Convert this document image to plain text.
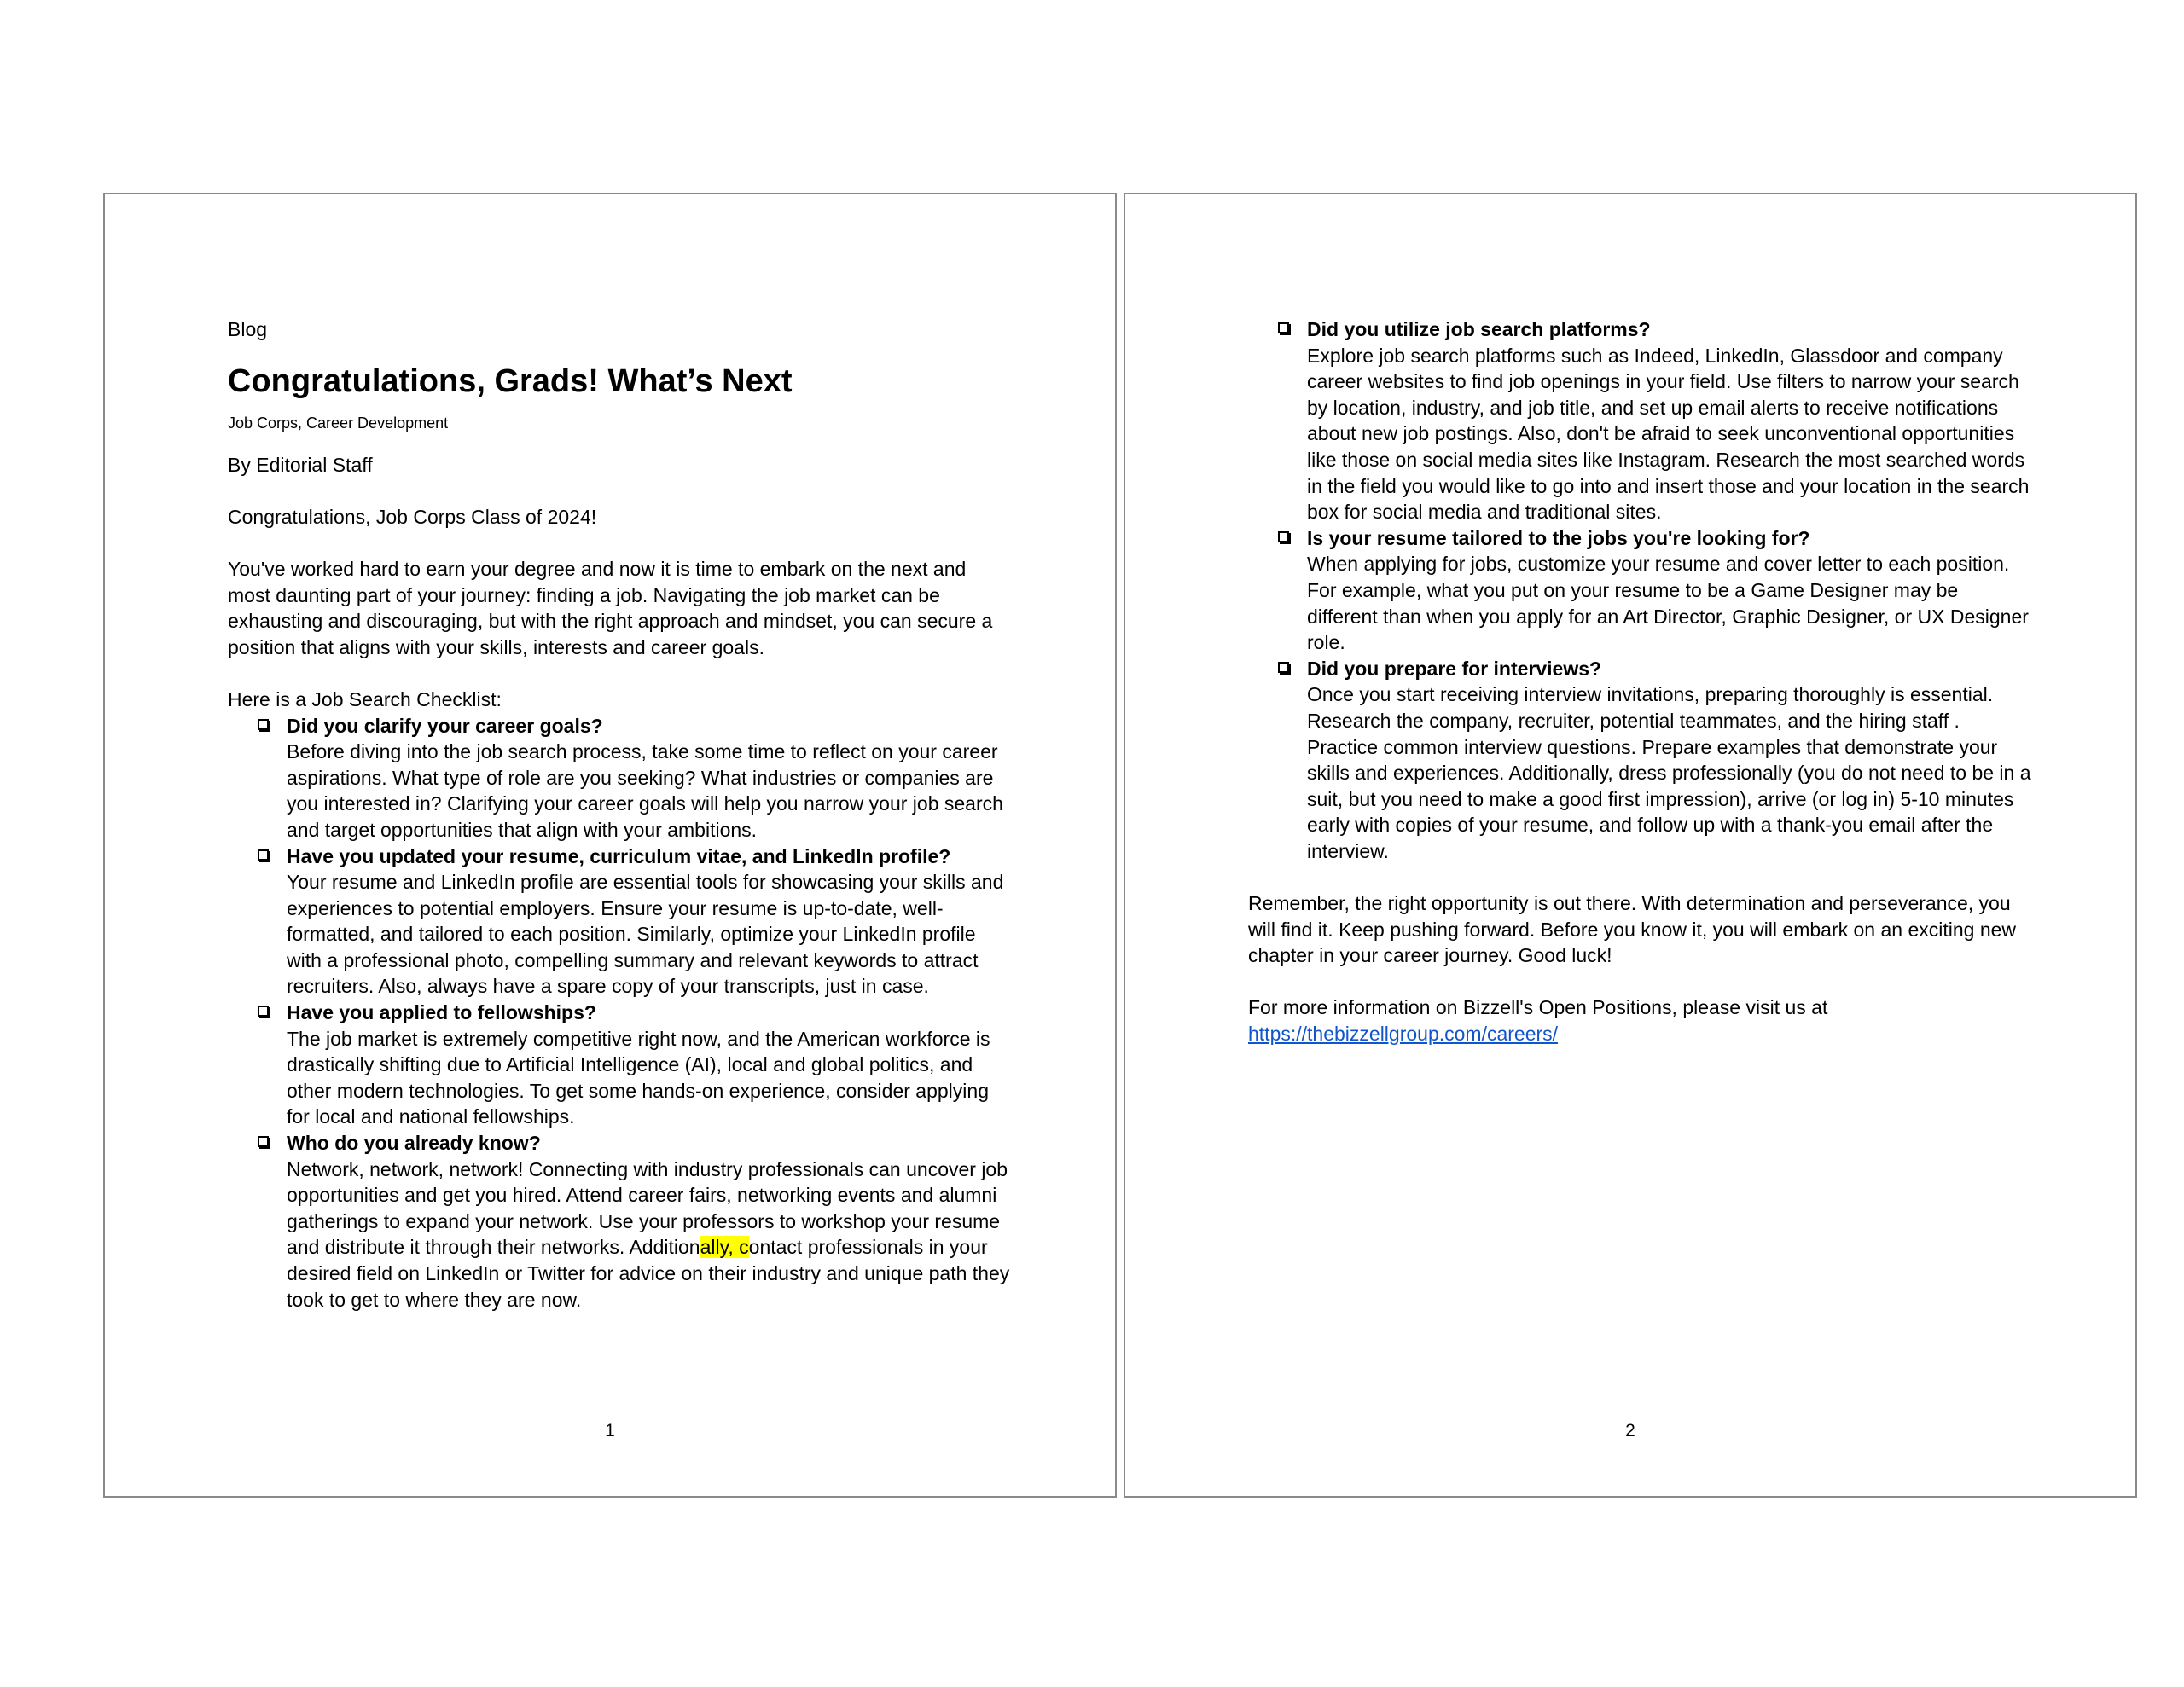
Blog

Congratulations, Grads! What’s Next

Job Corps, Career Development

By Editorial Staff

Congratulations, Job Corps Class of 2024!

You've worked hard to earn your degree and now it is time to embark on the next and most daunting part of your journey: finding a job. Navigating the job market can be exhausting and discouraging, but with the right approach and mindset, you can secure a position that aligns with your skills, interests and career goals.

Here is a Job Search Checklist:

Did you clarify your career goals?
Before diving into the job search process, take some time to reflect on your career aspirations. What type of role are you seeking? What industries or companies are you interested in? Clarifying your career goals will help you narrow your job search and target opportunities that align with your ambitions.
Have you updated your resume, curriculum vitae, and LinkedIn profile?
Your resume and LinkedIn profile are essential tools for showcasing your skills and experiences to potential employers. Ensure your resume is up-to-date, well-formatted, and tailored to each position. Similarly, optimize your LinkedIn profile with a professional photo, compelling summary and relevant keywords to attract recruiters. Also, always have a spare copy of your transcripts, just in case.
Have you applied to fellowships?
The job market is extremely competitive right now, and the American workforce is drastically shifting due to Artificial Intelligence (AI), local and global politics, and other modern technologies. To get some hands-on experience, consider applying for local and national fellowships.
Who do you already know?
Network, network, network! Connecting with industry professionals can uncover job opportunities and get you hired. Attend career fairs, networking events and alumni gatherings to expand your network. Use your professors to workshop your resume and distribute it through their networks. Additionally, contact professionals in your desired field on LinkedIn or Twitter for advice on their industry and unique path they took to get to where they are now.
1
Did you utilize job search platforms?
Explore job search platforms such as Indeed, LinkedIn, Glassdoor and company career websites to find job openings in your field. Use filters to narrow your search by location, industry, and job title, and set up email alerts to receive notifications about new job postings. Also, don't be afraid to seek unconventional opportunities like those on social media sites like Instagram. Research the most searched words in the field you would like to go into and insert those and your location in the search box for social media and traditional sites.
Is your resume tailored to the jobs you're looking for?
When applying for jobs, customize your resume and cover letter to each position. For example, what you put on your resume to be a Game Designer may be different than when you apply for an Art Director, Graphic Designer, or UX Designer role.
Did you prepare for interviews?
Once you start receiving interview invitations, preparing thoroughly is essential. Research the company, recruiter, potential teammates, and the hiring staff . Practice common interview questions. Prepare examples that demonstrate your skills and experiences. Additionally, dress professionally (you do not need to be in a suit, but you need to make a good first impression), arrive (or log in) 5-10 minutes early with copies of your resume, and follow up with a thank-you email after the interview.

Remember, the right opportunity is out there. With determination and perseverance, you will find it. Keep pushing forward. Before you know it, you will embark on an exciting new chapter in your career journey. Good luck!

For more information on Bizzell's Open Positions, please visit us at

https://thebizzellgroup.com/careers/

2
